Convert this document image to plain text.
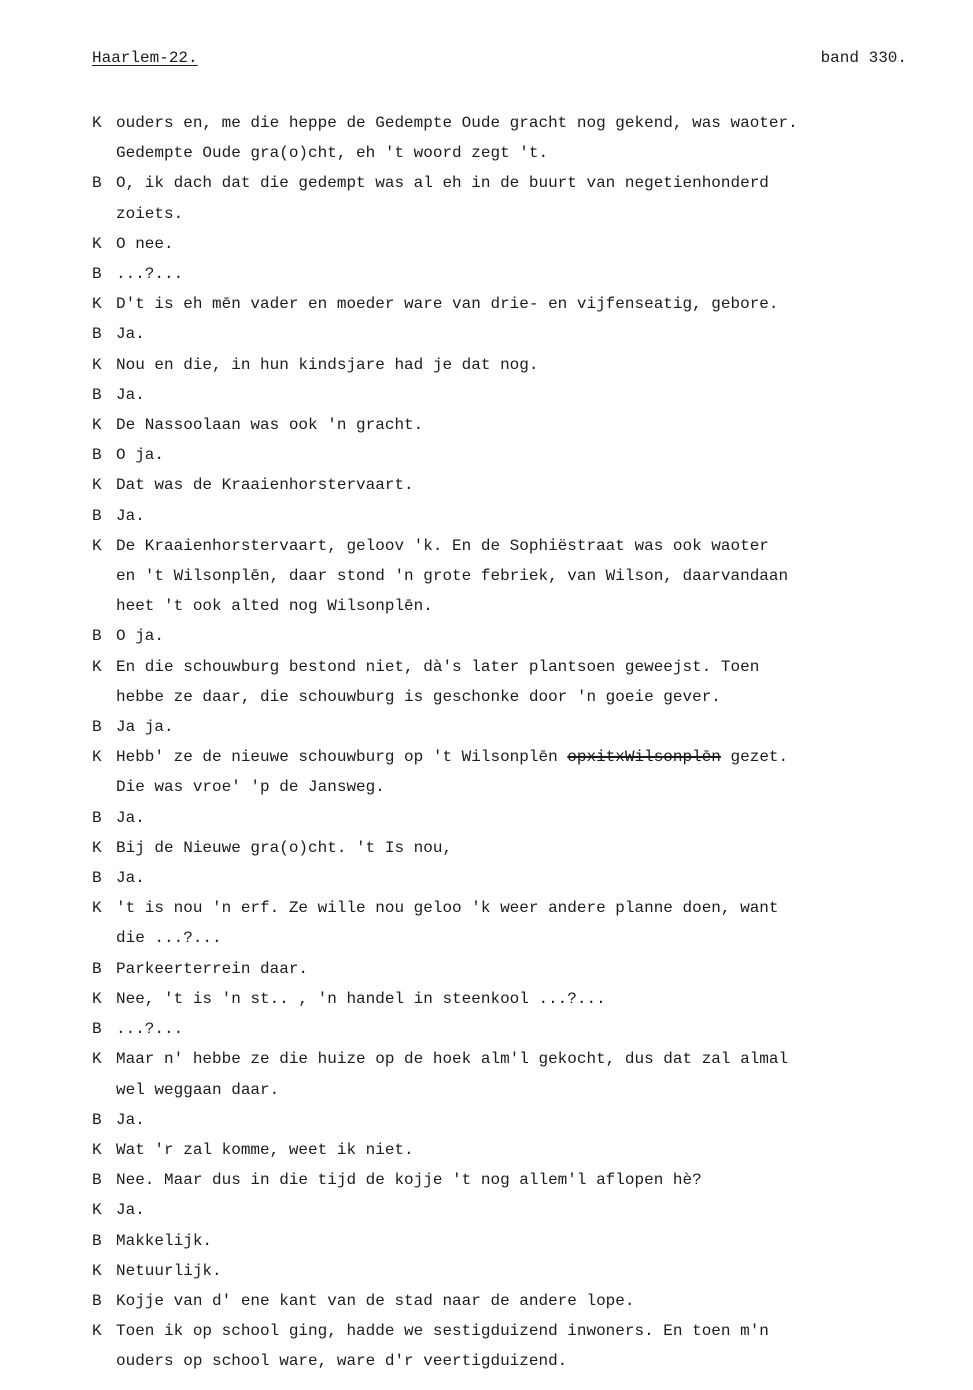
Haarlem-22.	band 330.
K ouders en, me die heppe de Gedempte Oude gracht nog gekend, was waoter.
Gedempte Oude gra(o)cht, eh 't woord zegt 't.
B O, ik dach dat die gedempt was al eh in de buurt van negetienhonderd
zoiets.
K O nee.
B ...?...
K D't is eh mēn vader en moeder ware van drie- en vijfenseatig, gebore.
B Ja.
K Nou en die, in hun kindsjare had je dat nog.
B Ja.
K De Nassoolaan was ook 'n gracht.
B O ja.
K Dat was de Kraaienhorstervaart.
B Ja.
K De Kraaienhorstervaart, geloov 'k. En de Sophiëstraat was ook waoter
en 't Wilsonplēn, daar stond 'n grote febriek, van Wilson, daarvandaan
heet 't ook alted nog Wilsonplēn.
B O ja.
K En die schouwburg bestond niet, dà's later plantsoen geweejst. Toen
hebbe ze daar, die schouwburg is geschonke door 'n goeie gever.
B Ja ja.
K Hebb' ze de nieuwe schouwburg op 't Wilsonplēn opxitxWilsonplēn gezet.
Die was vroe' 'p de Jansweg.
B Ja.
K Bij de Nieuwe gra(o)cht. 't Is nou,
B Ja.
K 't is nou 'n erf. Ze wille nou geloo 'k weer andere planne doen, want
die ...?...
B Parkeerterrein daar.
K Nee, 't is 'n st.. , 'n handel in steenkool ...?...
B ...?...
K Maar n' hebbe ze die huize op de hoek alm'l gekocht, dus dat zal almal
wel weggaan daar.
B Ja.
K Wat 'r zal komme, weet ik niet.
B Nee. Maar dus in die tijd de kojje 't nog allem'l aflopen hè?
K Ja.
B Makkelijk.
K Netuurlijk.
B Kojje van d' ene kant van de stad naar de andere lope.
K Toen ik op school ging, hadde we sestigduizend inwoners. En toen m'n
ouders op school ware, ware d'r veertigduizend.
